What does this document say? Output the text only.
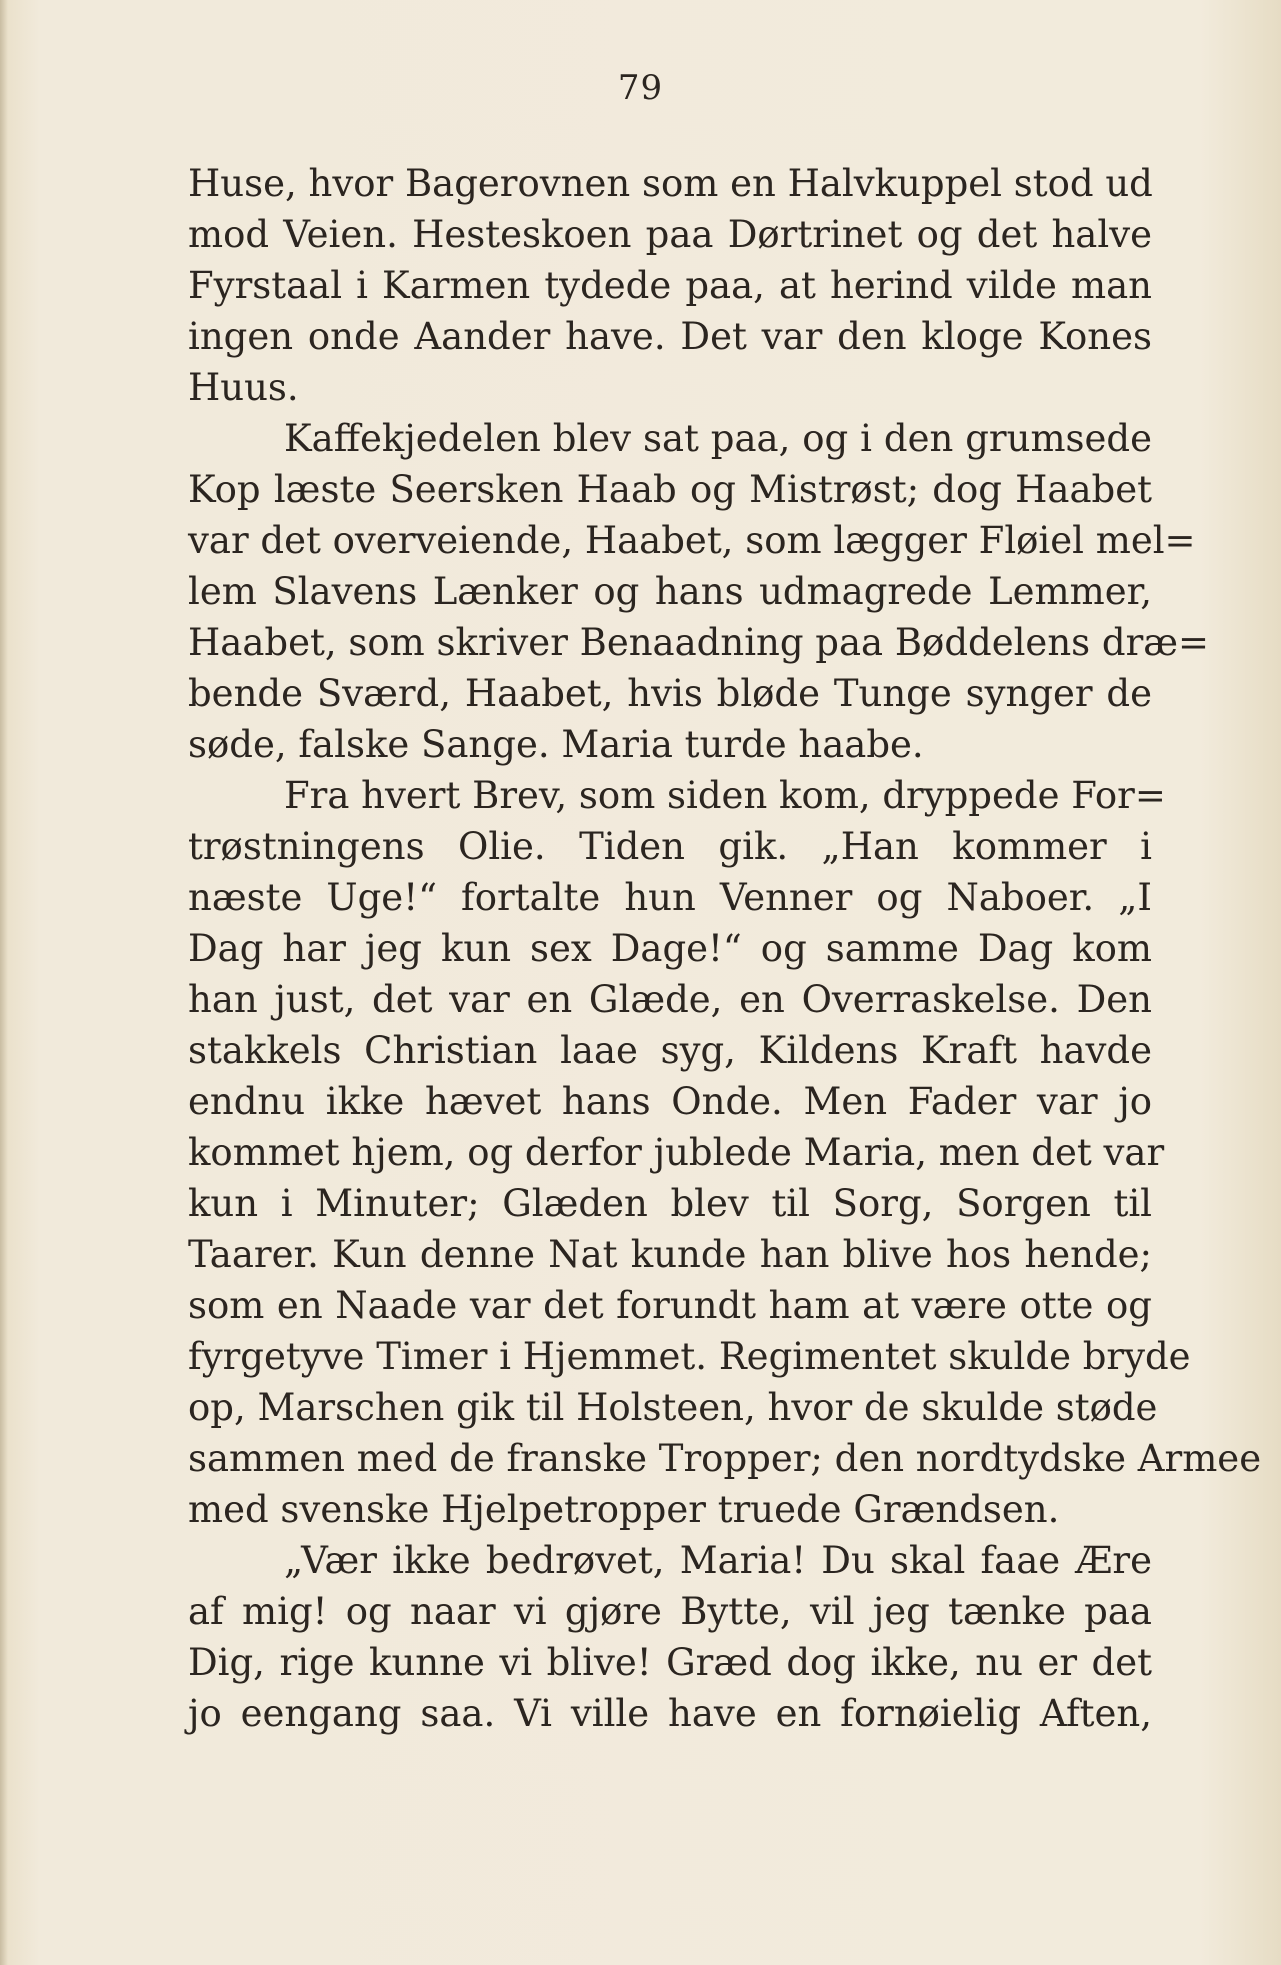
79
Huse, hvor Bagerovnen som en Halvkuppel stod ud
mod Veien. Hesteskoen paa Dørtrinet og det halve
Fyrstaal i Karmen tydede paa, at herind vilde man
ingen onde Aander have. Det var den kloge Kones
Huus.
Kaffekjedelen blev sat paa, og i den grumsede
Kop læste Seersken Haab og Mistrøst; dog Haabet
var det overveiende, Haabet, som lægger Fløiel mel=
lem Slavens Lænker og hans udmagrede Lemmer,
Haabet, som skriver Benaadning paa Bøddelens dræ=
bende Sværd, Haabet, hvis bløde Tunge synger de
søde, falske Sange. Maria turde haabe.
Fra hvert Brev, som siden kom, dryppede For=
trøstningens Olie. Tiden gik. „Han kommer i
næste Uge!“ fortalte hun Venner og Naboer. „I
Dag har jeg kun sex Dage!“ og samme Dag kom
han just, det var en Glæde, en Overraskelse. Den
stakkels Christian laae syg, Kildens Kraft havde
endnu ikke hævet hans Onde. Men Fader var jo
kommet hjem, og derfor jublede Maria, men det var
kun i Minuter; Glæden blev til Sorg, Sorgen til
Taarer. Kun denne Nat kunde han blive hos hende;
som en Naade var det forundt ham at være otte og
fyrgetyve Timer i Hjemmet. Regimentet skulde bryde
op, Marschen gik til Holsteen, hvor de skulde støde
sammen med de franske Tropper; den nordtydske Armee
med svenske Hjelpetropper truede Grændsen.
„Vær ikke bedrøvet, Maria! Du skal faae Ære
af mig! og naar vi gjøre Bytte, vil jeg tænke paa
Dig, rige kunne vi blive! Græd dog ikke, nu er det
jo eengang saa. Vi ville have en fornøielig Aften,
